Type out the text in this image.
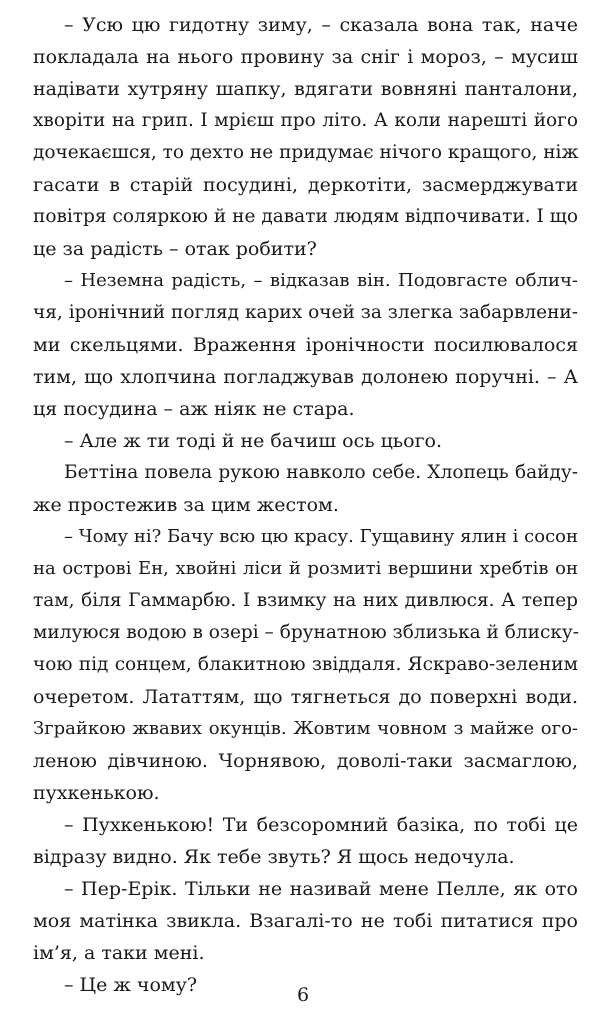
– Усю цю гидотну зиму, – сказала вона так, наче
покладала на нього провину за сніг і мороз, – мусиш
надівати хутряну шапку, вдягати вовняні панталони,
хворіти на грип. І мрієш про літо. А коли нарешті його
дочекаєшся, то дехто не придумає нічого кращого, ніж
гасати в старій посудині, деркотіти, засмерджувати
повітря соляркою й не давати людям відпочивати. І що
це за радість – отак робити?
– Неземна радість, – відказав він. Подовгасте облич-
чя, іронічний погляд карих очей за злегка забарвлени-
ми скельцями. Враження іронічности посилювалося
тим, що хлопчина погладжував долонею поручні. – А
ця посудина – аж ніяк не стара.
– Але ж ти тоді й не бачиш ось цього.
Беттіна повела рукою навколо себе. Хлопець байду-
же простежив за цим жестом.
– Чому ні? Бачу всю цю красу. Гущавину ялин і сосон
на острові Ен, хвойні ліси й розмиті вершини хребтів он
там, біля Гаммарбю. І взимку на них дивлюся. А тепер
милуюся водою в озері – брунатною зблизька й блиску-
чою під сонцем, блакитною звіддаля. Яскраво-зеленим
очеретом. Лататтям, що тягнеться до поверхні води.
Зграйкою жвавих окунців. Жовтим човном з майже ого-
леною дівчиною. Чорнявою, доволі-таки засмаглою,
пухкенькою.
– Пухкенькою! Ти безсоромний базіка, по тобі це
відразу видно. Як тебе звуть? Я щось недочула.
– Пер-Ерік. Тільки не називай мене Пелле, як ото
моя матінка звикла. Взагалі-то не тобі питатися про
ім’я, а таки мені.
– Це ж чому?	6
